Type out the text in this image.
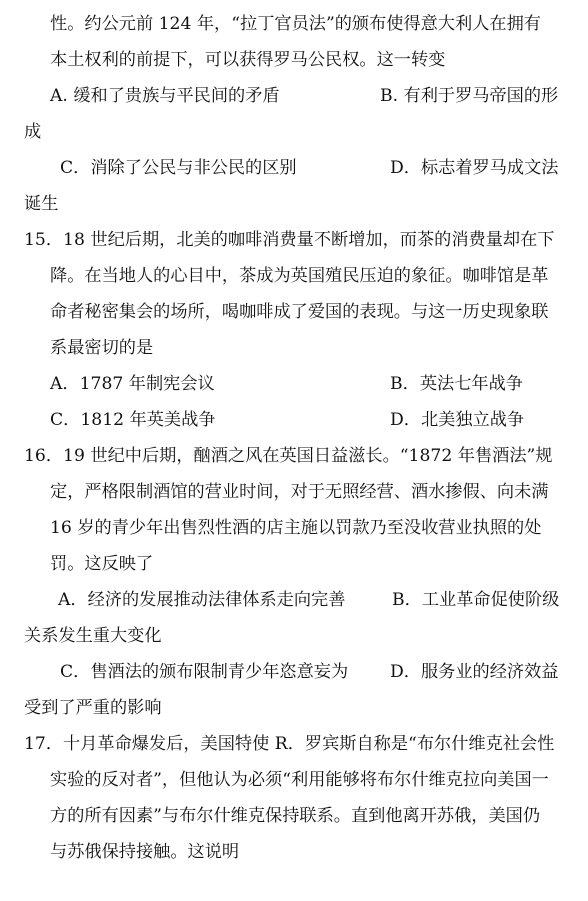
性。约公元前 124 年，“拉丁官员法”的颁布使得意大利人在拥有
本土权利的前提下，可以获得罗马公民权。这一转变
A. 缓和了贵族与平民间的矛盾	B. 有利于罗马帝国的形
成
C．消除了公民与非公民的区别	D．标志着罗马成文法
诞生
15．18 世纪后期，北美的咖啡消费量不断增加，而茶的消费量却在下
降。在当地人的心目中，茶成为英国殖民压迫的象征。咖啡馆是革
命者秘密集会的场所，喝咖啡成了爱国的表现。与这一历史现象联
系最密切的是
A．1787 年制宪会议	B．英法七年战争
C．1812 年英美战争	D．北美独立战争
16．19 世纪中后期，酗酒之风在英国日益滋长。“1872 年售酒法”规
定，严格限制酒馆的营业时间，对于无照经营、酒水掺假、向未满
16 岁的青少年出售烈性酒的店主施以罚款乃至没收营业执照的处
罚。这反映了
A．经济的发展推动法律体系走向完善	B．工业革命促使阶级
关系发生重大变化
C．售酒法的颁布限制青少年恣意妄为 D．服务业的经济效益
受到了严重的影响
17．十月革命爆发后，美国特使 R．罗宾斯自称是“布尔什维克社会性
实验的反对者”，但他认为必须“利用能够将布尔什维克拉向美国一
方的所有因素”与布尔什维克保持联系。直到他离开苏俄，美国仍
与苏俄保持接触。这说明
